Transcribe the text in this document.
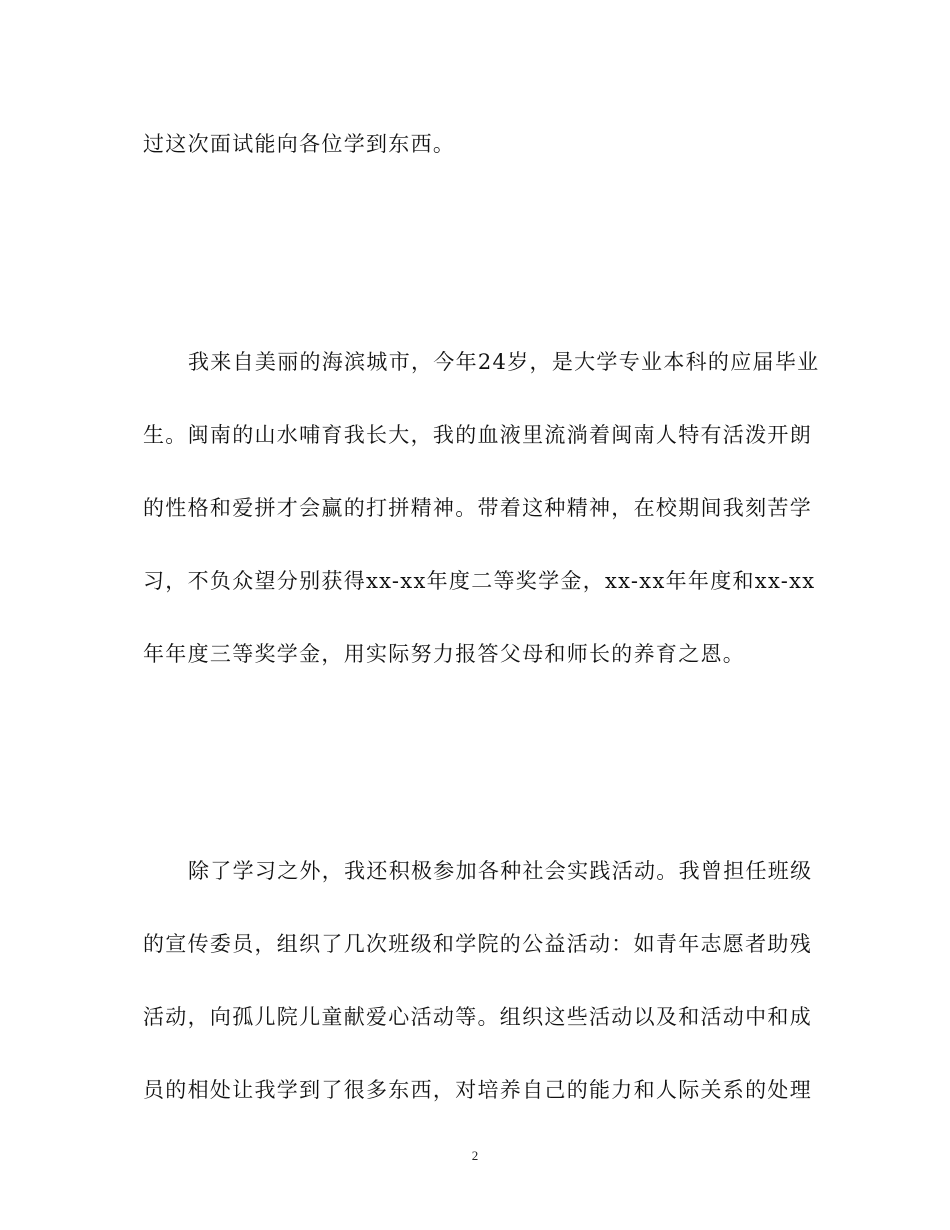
过这次面试能向各位学到东西。
我来自美丽的海滨城市，今年24岁，是大学专业本科的应届毕业
生。闽南的山水哺育我长大，我的血液里流淌着闽南人特有活泼开朗
的性格和爱拼才会赢的打拼精神。带着这种精神，在校期间我刻苦学
习，不负众望分别获得xx-xx年度二等奖学金，xx-xx年年度和xx-xx
年年度三等奖学金，用实际努力报答父母和师长的养育之恩。
除了学习之外，我还积极参加各种社会实践活动。我曾担任班级
的宣传委员，组织了几次班级和学院的公益活动：如青年志愿者助残
活动，向孤儿院儿童献爱心活动等。组织这些活动以及和活动中和成
员的相处让我学到了很多东西，对培养自己的能力和人际关系的处理
2
